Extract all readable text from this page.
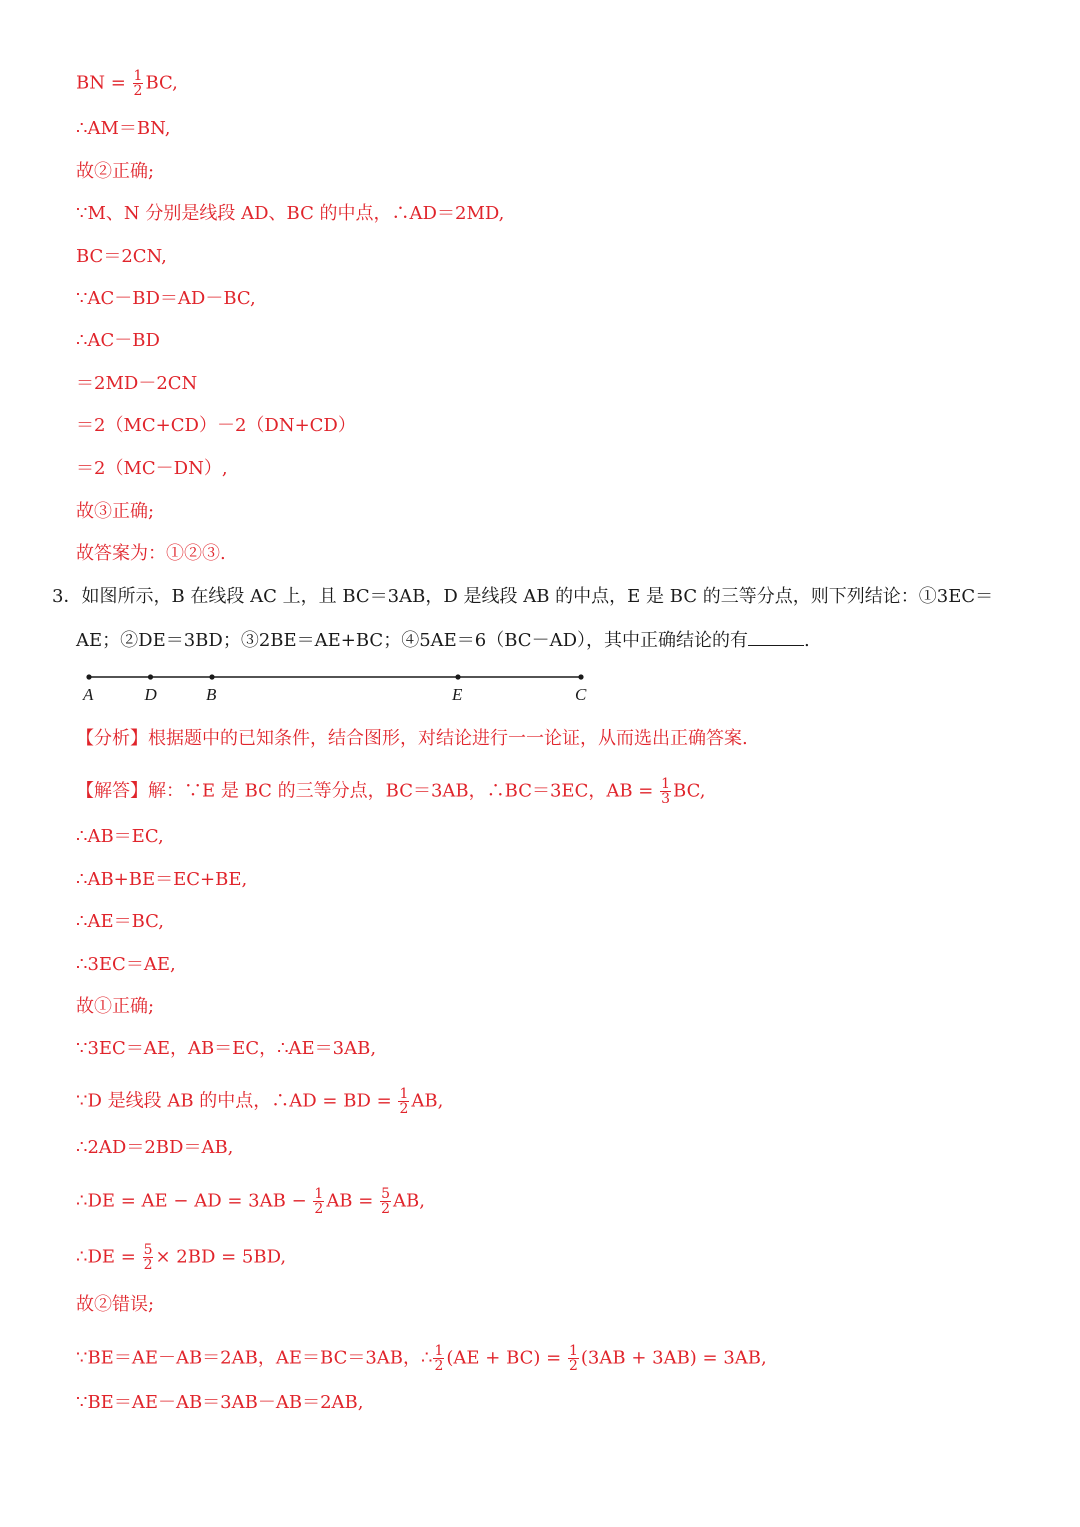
BN = $\frac{1}{2}$ BC,
∴AM＝BN,
故②正确;
∵M、N 分别是线段 AD、BC 的中点，∴AD＝2MD,
BC＝2CN,
∵AC－BD＝AD－BC,
∴AC－BD
＝2MD－2CN
＝2（MC+CD）－2（DN+CD）
＝2（MC－DN）,
故③正确;
故答案为：①②③.
3．如图所示，B 在线段 AC 上，且 BC＝3AB，D 是线段 AB 的中点，E 是 BC 的三等分点，则下列结论：①3EC＝
AE；②DE＝3BD；③2BE＝AE+BC；④5AE＝6（BC－AD），其中正确结论的有	.
A	D	B	E	C
【分析】根据题中的已知条件，结合图形，对结论进行一一论证，从而选出正确答案.
【解答】解：∵E 是 BC 的三等分点，BC＝3AB，∴BC＝3EC，AB = $\frac{1}{3}$ BC,
∴AB＝EC,
∴AB+BE＝EC+BE,
∴AE＝BC,
∴3EC＝AE,
故①正确;
∵3EC＝AE，AB＝EC，∴AE＝3AB,
∵D 是线段 AB 的中点，∴AD = BD = $\frac{1}{2}$ AB,
∴2AD＝2BD＝AB,
∴DE = AE − AD = $3AB - \frac{1}{2}$ AB = $\frac{5}{2}$ AB,
∴DE = $\frac{5}{2} \times 2BD = 5BD$,
故②错误;
∵BE＝AE－AB＝2AB，AE＝BC＝3AB，∴ $\frac{1}{2} (AE + BC) = \frac{1}{2} (3AB + 3AB) = 3AB$,
∵BE＝AE－AB＝3AB－AB＝2AB,
